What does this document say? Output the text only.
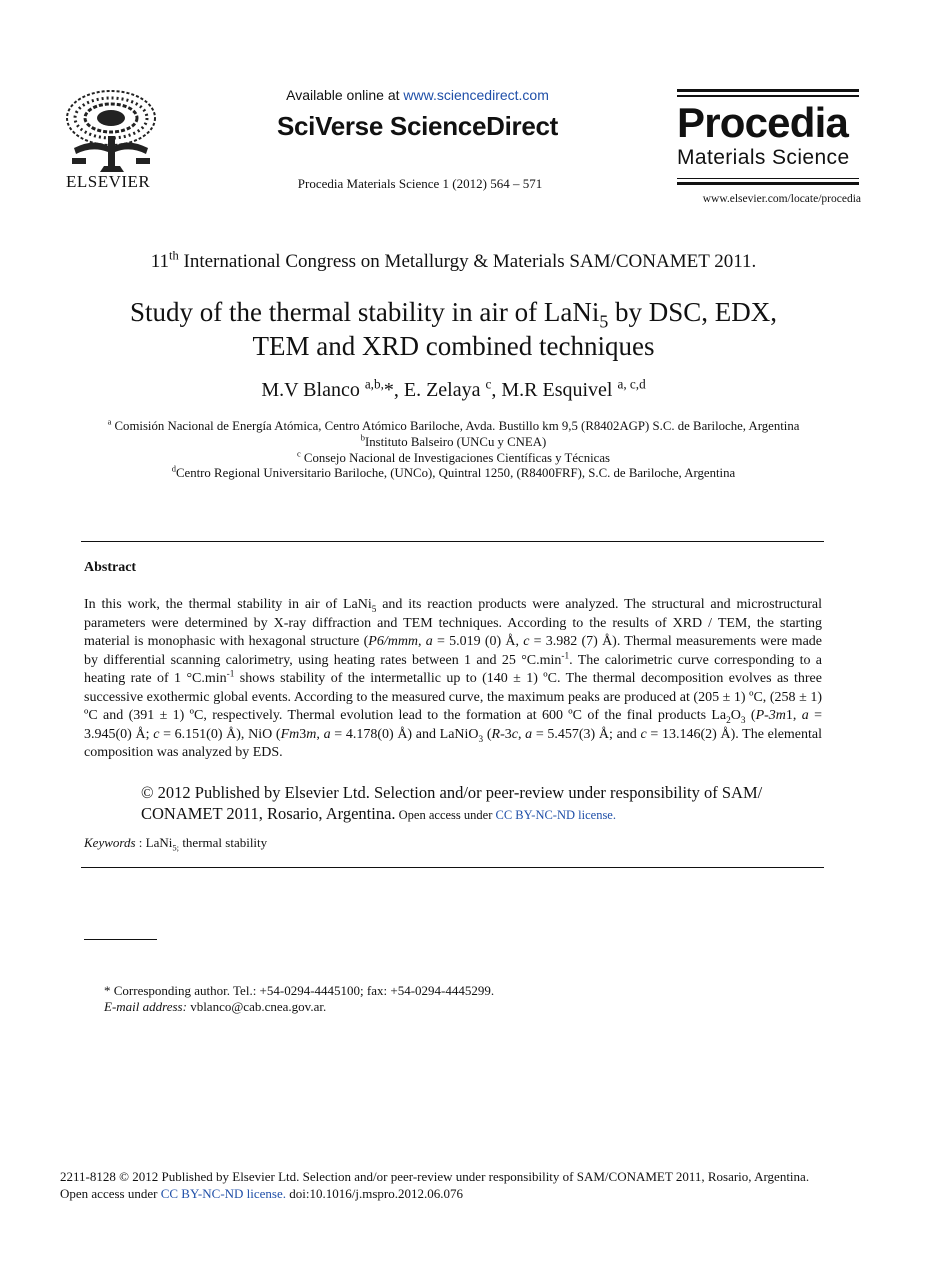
ELSEVIER
Available online at www.sciencedirect.com
SciVerse ScienceDirect
Procedia Materials Science 1 (2012) 564 – 571
Procedia
Materials Science
www.elsevier.com/locate/procedia
11th International Congress on Metallurgy & Materials SAM/CONAMET 2011.
Study of the thermal stability in air of LaNi$_5$ by DSC, EDX,
TEM and XRD combined techniques
M.V Blanco $^{a,b,}$*, E. Zelaya $^c$, M.R Esquivel $^{a, c,d}$
$^a$ Comisión Nacional de Energía Atómica, Centro Atómico Bariloche, Avda. Bustillo km 9,5 (R8402AGP) S.C. de Bariloche, Argentina
$^b$Instituto Balseiro (UNCu y CNEA)
$^c$ Consejo Nacional de Investigaciones Científicas y Técnicas
$^d$Centro Regional Universitario Bariloche, (UNCo), Quintral 1250, (R8400FRF), S.C. de Bariloche, Argentina
Abstract
In this work, the thermal stability in air of LaNi$_5$ and its reaction products were analyzed. The structural and microstructural parameters were determined by X-ray diffraction and TEM techniques. According to the results of XRD / TEM, the starting material is monophasic with hexagonal structure (P6/mmm, a = 5.019 (0) Å, c = 3.982 (7) Å). Thermal measurements were made by differential scanning calorimetry, using heating rates between 1 and 25 $^\circ C.\min^{-1}$. The calorimetric curve corresponding to a heating rate of 1 $^\circ C.\min^{-1}$ shows stability of the intermetallic up to (140 ± 1) ºC. The thermal decomposition evolves as three successive exothermic global events. According to the measured curve, the maximum peaks are produced at (205 ± 1) ºC, (258 ± 1) ºC and (391 ± 1) ºC, respectively. Thermal evolution lead to the formation at 600 ºC of the final products $La_2O_3$ (P-3m1, a = 3.945(0) Å; c = 6.151(0) Å), NiO (Fm3m, a = 4.178(0) Å) and LaNiO$_3$ (R-3c, a = 5.457(3) Å; and c = 13.146(2) Å). The elemental composition was analyzed by EDS.
© 2012 Published by Elsevier Ltd. Selection and/or peer-review under responsibility of SAM/
CONAMET 2011, Rosario, Argentina. Open access under CC BY-NC-ND license.
Keywords : LaNi$_{5;}$ thermal stability
* Corresponding author. Tel.: +54-0294-4445100; fax: +54-0294-4445299.
E-mail address: vblanco@cab.cnea.gov.ar.
2211-8128 © 2012 Published by Elsevier Ltd. Selection and/or peer-review under responsibility of SAM/CONAMET 2011, Rosario, Argentina.
Open access under CC BY-NC-ND license. doi:10.1016/j.mspro.2012.06.076
